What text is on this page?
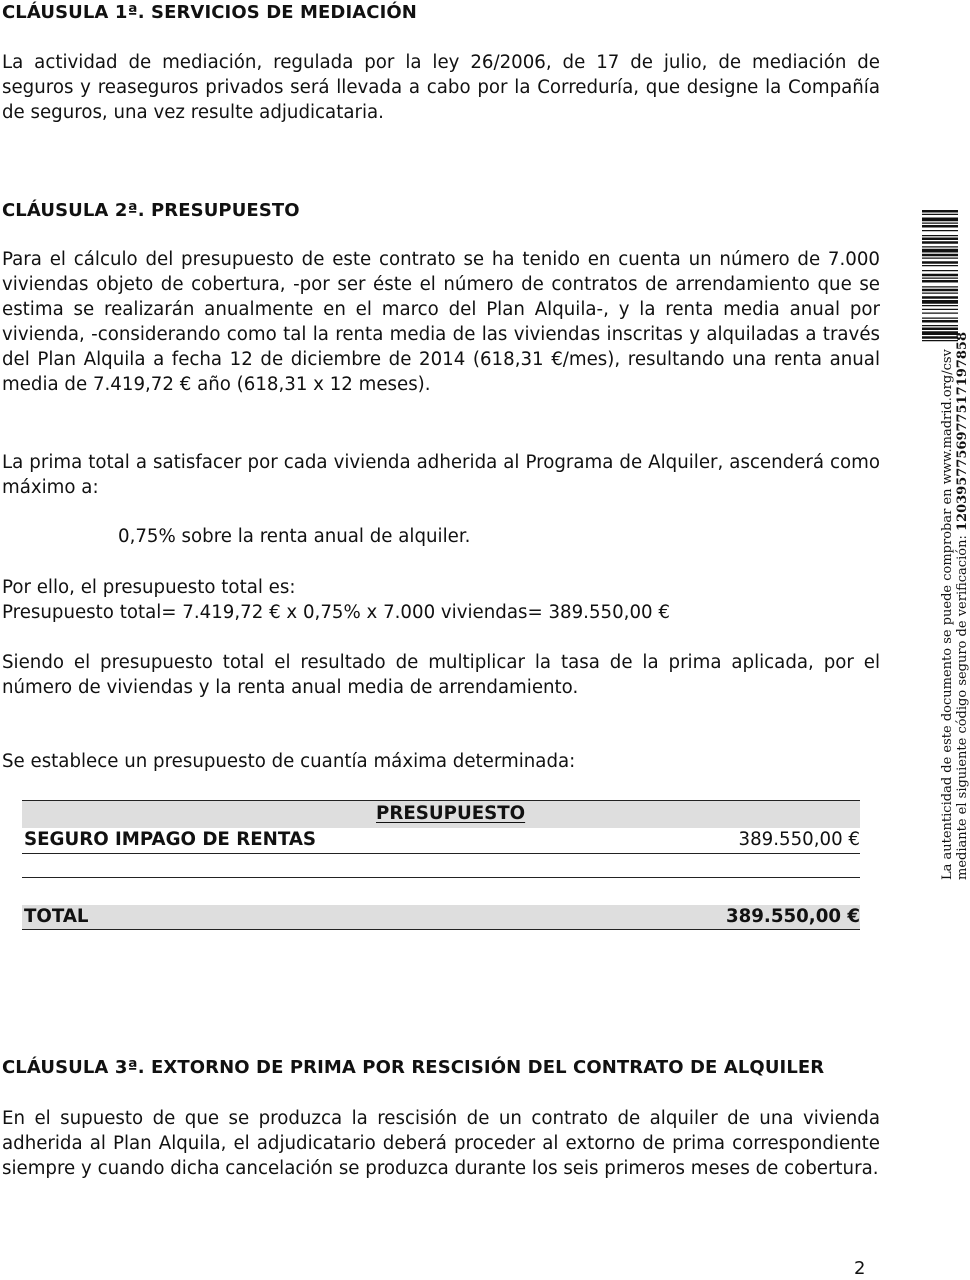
CLÁUSULA 1ª. SERVICIOS DE MEDIACIÓN

La actividad de mediación, regulada por la ley 26/2006, de 17 de julio, de mediación de seguros y reaseguros privados será llevada a cabo por la Correduría, que designe la Compañía de seguros, una vez resulte adjudicataria.

CLÁUSULA 2ª. PRESUPUESTO

Para el cálculo del presupuesto de este contrato se ha tenido en cuenta un número de 7.000 viviendas objeto de cobertura, -por ser éste el número de contratos de arrendamiento que se estima se realizarán anualmente en el marco del Plan Alquila-, y la renta media anual por vivienda, -considerando como tal la renta media de las viviendas inscritas y alquiladas a través del Plan Alquila a fecha 12 de diciembre de 2014 (618,31 €/mes), resultando una renta anual media de 7.419,72 € año (618,31 x 12 meses).

La prima total a satisfacer por cada vivienda adherida al Programa de Alquiler, ascenderá como máximo a:

0,75% sobre la renta anual de alquiler.
Por ello, el presupuesto total es:
Presupuesto total= 7.419,72 € x 0,75% x 7.000 viviendas= 389.550,00 €

Siendo el presupuesto total el resultado de multiplicar la tasa de la prima aplicada, por el número de viviendas y la renta anual media de arrendamiento.

Se establece un presupuesto de cuantía máxima determinada:
PRESUPUESTO
SEGURO IMPAGO DE RENTAS	389.550,00 €
TOTAL	389.550,00 €
CLÁUSULA 3ª. EXTORNO DE PRIMA POR RESCISIÓN DEL CONTRATO DE ALQUILER

En el supuesto de que se produzca la rescisión de un contrato de alquiler de una vivienda adherida al Plan Alquila, el adjudicatario deberá proceder al extorno de prima correspondiente siempre y cuando dicha cancelación se produzca durante los seis primeros meses de cobertura.

La autenticidad de este documento se puede comprobar en www.madrid.org/csv mediante el siguiente código seguro de verificación: 1203957756977517197858
2
